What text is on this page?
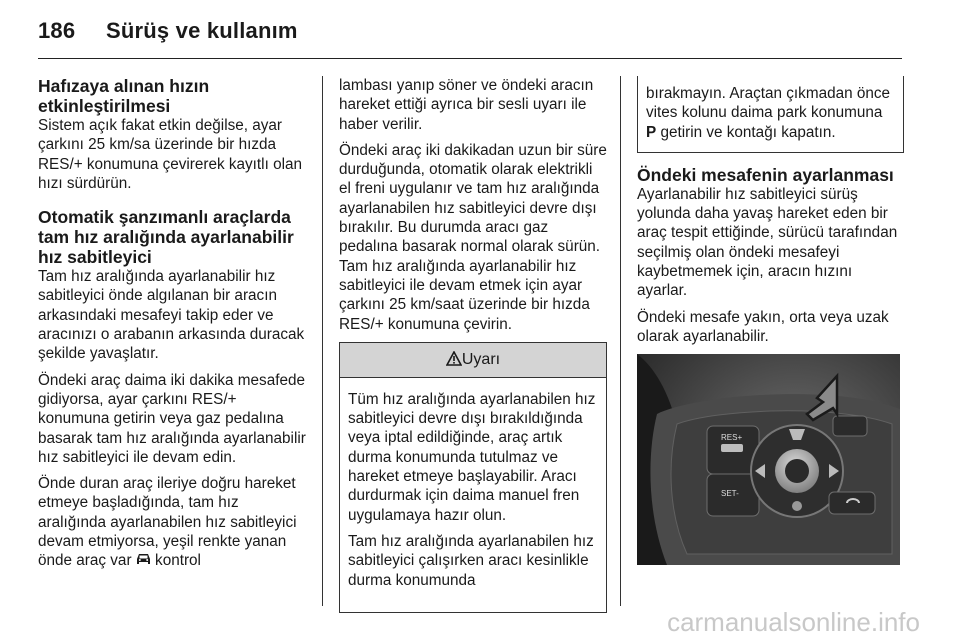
186 Sürüş ve kullanım
Hafızaya alınan hızın etkinleştirilmesi

Sistem açık fakat etkin değilse, ayar çarkını 25 km/sa üzerinde bir hızda RES/+ konumuna çevirerek kayıtlı olan hızı sürdürün.

Otomatik şanzımanlı araçlarda tam hız aralığında ayarlanabilir hız sabitleyici

Tam hız aralığında ayarlanabilir hız sabitleyici önde algılanan bir aracın arkasındaki mesafeyi takip eder ve aracınızı o arabanın arkasında duracak şekilde yavaşlatır.

Öndeki araç daima iki dakika mesafede gidiyorsa, ayar çarkını RES/+ konumuna getirin veya gaz pedalına basarak tam hız aralığında ayarlanabilir hız sabitleyici ile devam edin.

Önde duran araç ileriye doğru hareket etmeye başladığında, tam hız aralığında ayarlanabilen hız sabitleyici devam etmiyorsa, yeşil renkte yanan önde araç var kontrol

lambası yanıp söner ve öndeki aracın hareket ettiği ayrıca bir sesli uyarı ile haber verilir.

Öndeki araç iki dakikadan uzun bir süre durduğunda, otomatik olarak elektrikli el freni uygulanır ve tam hız aralığında ayarlanabilen hız sabitleyici devre dışı bırakılır. Bu durumda aracı gaz pedalına basarak normal olarak sürün. Tam hız aralığında ayarlanabilir hız sabitleyici ile devam etmek için ayar çarkını 25 km/saat üzerinde bir hızda RES/+ konumuna çevirin.

Uyarı

Tüm hız aralığında ayarlanabilen hız sabitleyici devre dışı bırakıldığında veya iptal edildiğinde, araç artık durma konumunda tutulmaz ve hareket etmeye başlayabilir. Aracı durdurmak için daima manuel fren uygulamaya hazır olun.

Tam hız aralığında ayarlanabilen hız sabitleyici çalışırken aracı kesinlikle durma konumunda

bırakmayın. Araçtan çıkmadan önce vites kolunu daima park konumuna P getirin ve kontağı kapatın.
Öndeki mesafenin ayarlanması

Ayarlanabilir hız sabitleyici sürüş yolunda daha yavaş hareket eden bir araç tespit ettiğinde, sürücü tarafından seçilmiş olan öndeki mesafeyi kaybetmemek için, aracın hızını ayarlar.

Öndeki mesafe yakın, orta veya uzak olarak ayarlanabilir.

RES+
SET-
carmanualsonline.info
